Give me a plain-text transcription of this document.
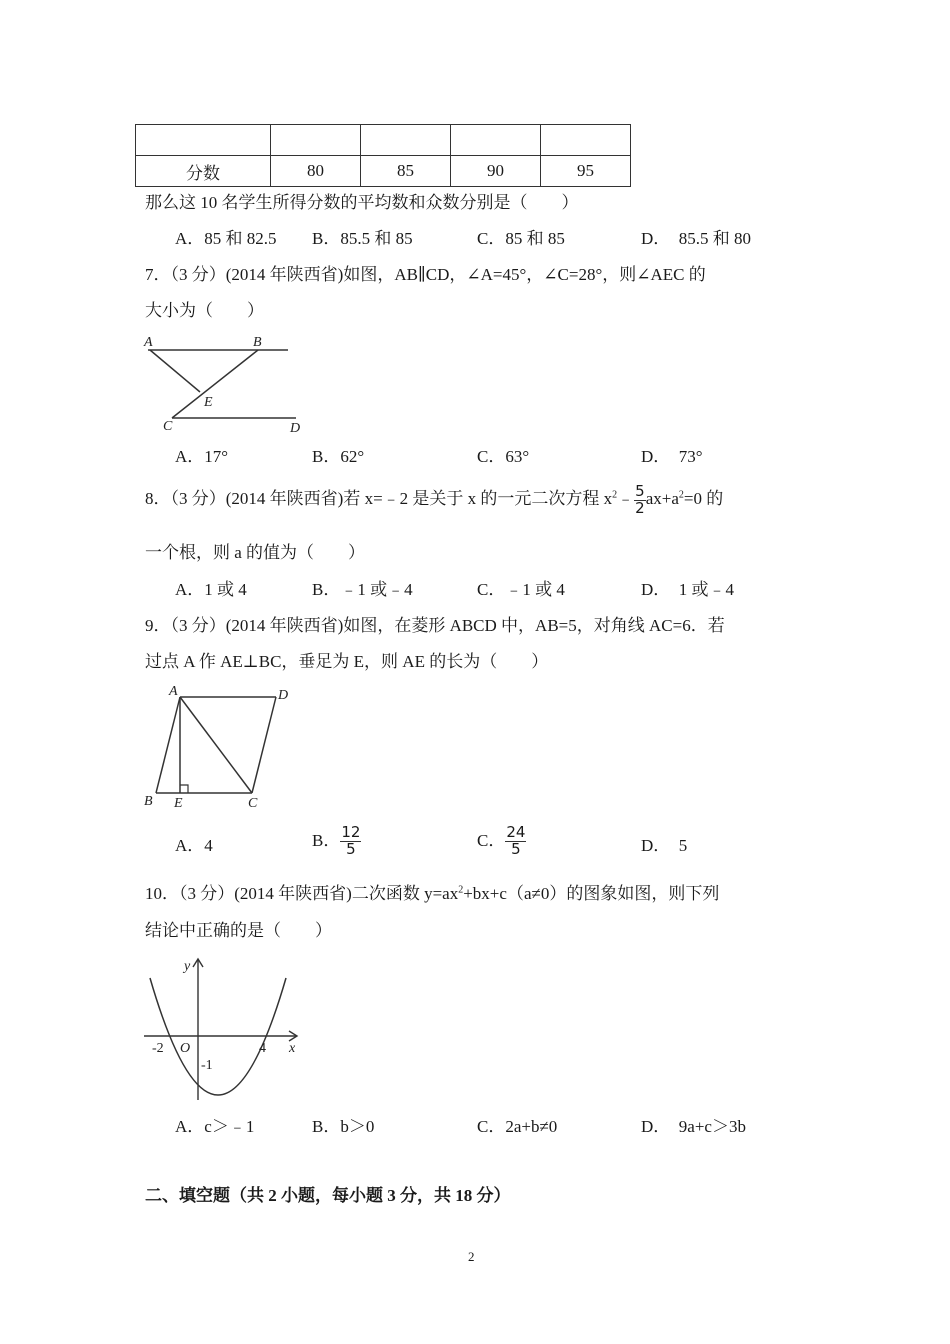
分数	80	85	90	95
那么这 10 名学生所得分数的平均数和众数分别是（　　）
A．85 和 82.5 B．85.5 和 85	C．85 和 85	D．　85.5 和 80
7．（3 分）(2014 年陕西省)如图，AB∥CD，∠A=45°，∠C=28°，则∠AEC 的
大小为（　　）
A	B
E
C	D
A．17°	B．62°	C．63°	D．　73°
8．（3 分）(2014 年陕西省)若 x=﹣2 是关于 x 的一元二次方程 $x^2﹣ \frac{5}{2} ax+a^2=0$ 的
一个根，则 a 的值为（　　）
A．1 或 4	B．﹣1 或﹣4	C．﹣1 或 4	D．　1 或﹣4
9．（3 分）(2014 年陕西省)如图，在菱形 ABCD 中，AB=5，对角线 AC=6．若
过点 A 作 AE⊥BC，垂足为 E，则 AE 的长为（　　）
A	D
B E	C
A．4	B． $\frac{12}{5}$	C． $\frac{24}{5}$	D．　5
10．（3 分）(2014 年陕西省)二次函数 $y=ax^2+bx+c(a\ne 0)$的图象如图，则下列
结论中正确的是（　　）
y
x
O
-2	4
-1
A．c＞﹣1	B．b＞0	C．2a+b≠0	D．　9a+c＞3b
二、填空题（共 2 小题，每小题 3 分，共 18 分）
2
